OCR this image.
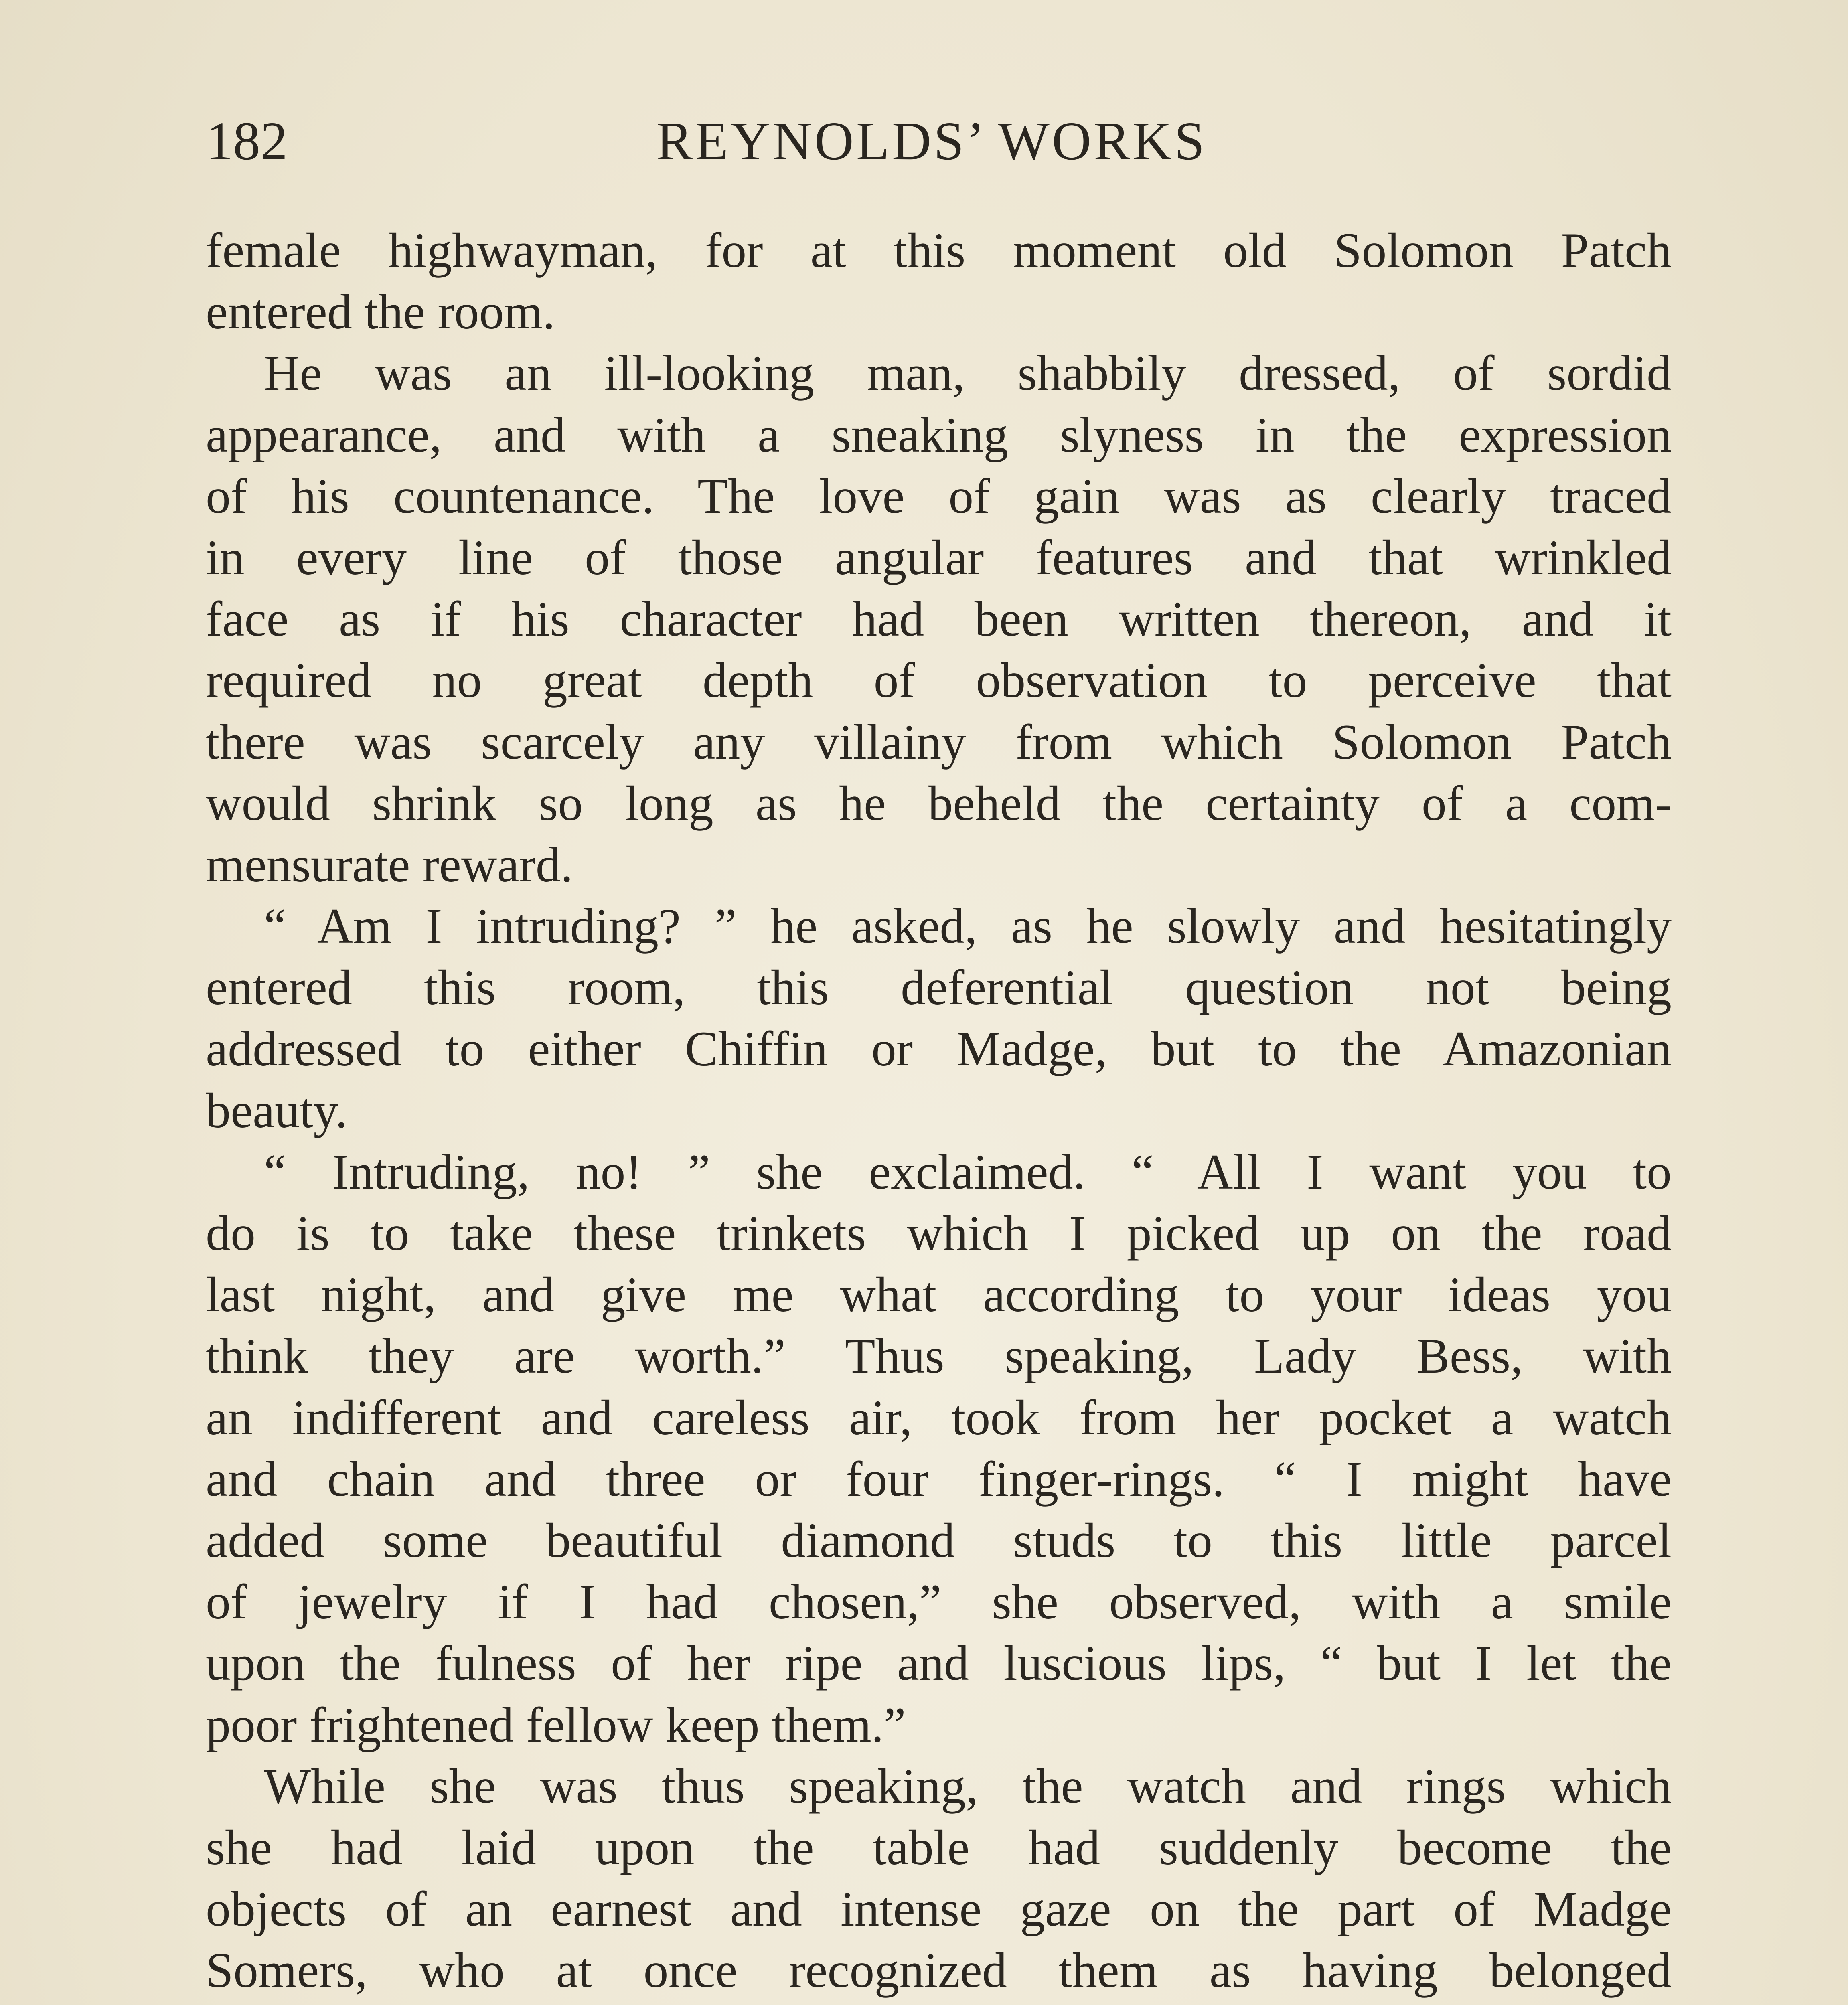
182	REYNOLDS’ WORKS
female highwayman, for at this moment old Solomon Patch
entered the room.
He was an ill-looking man, shabbily dressed, of sordid
appearance, and with a sneaking slyness in the expression
of his countenance. The love of gain was as clearly traced
in every line of those angular features and that wrinkled
face as if his character had been written thereon, and it
required no great depth of observation to perceive that
there was scarcely any villainy from which Solomon Patch
would shrink so long as he beheld the certainty of a com-
mensurate reward.
“ Am I intruding? ” he asked, as he slowly and hesitatingly
entered this room, this deferential question not being
addressed to either Chiffin or Madge, but to the Amazonian
beauty.
“ Intruding, no! ” she exclaimed. “ All I want you to
do is to take these trinkets which I picked up on the road
last night, and give me what according to your ideas you
think they are worth.” Thus speaking, Lady Bess, with
an indifferent and careless air, took from her pocket a watch
and chain and three or four finger-rings. “ I might have
added some beautiful diamond studs to this little parcel
of jewelry if I had chosen,” she observed, with a smile
upon the fulness of her ripe and luscious lips, “ but I let the
poor frightened fellow keep them.”
While she was thus speaking, the watch and rings which
she had laid upon the table had suddenly become the
objects of an earnest and intense gaze on the part of Madge
Somers, who at once recognized them as having belonged
